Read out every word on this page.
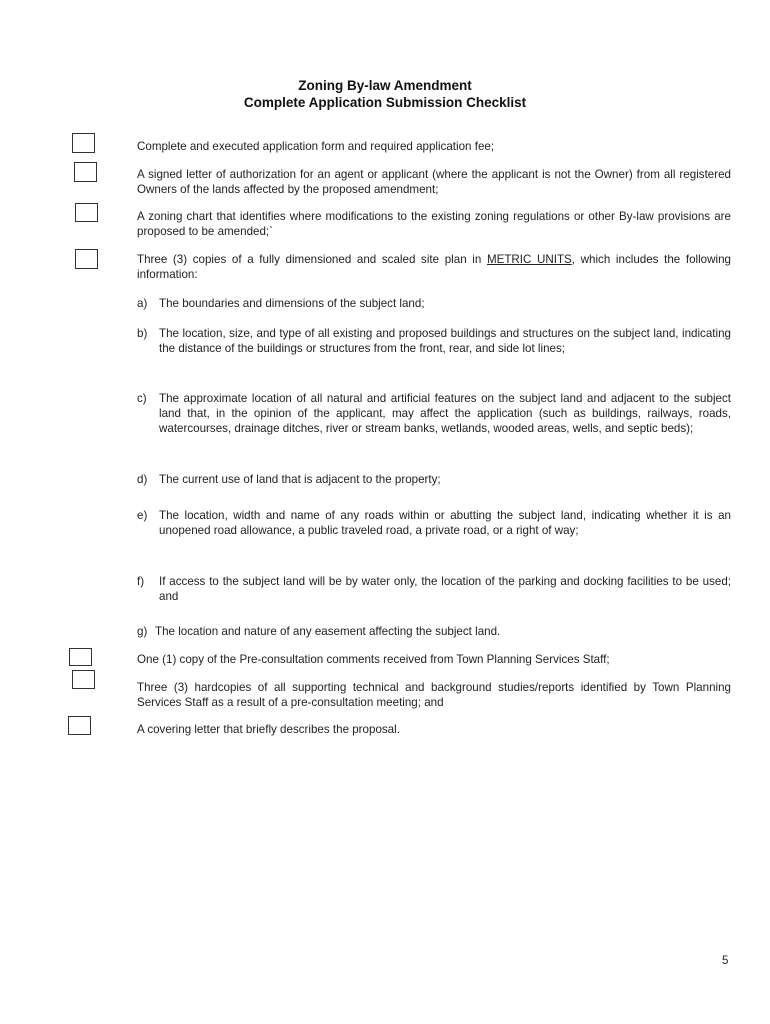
Zoning By-law Amendment
Complete Application Submission Checklist

Complete and executed application form and required application fee;

A signed letter of authorization for an agent or applicant (where the applicant is not the Owner) from all registered Owners of the lands affected by the proposed amendment;

A zoning chart that identifies where modifications to the existing zoning regulations or other By-law provisions are proposed to be amended;`

Three (3) copies of a fully dimensioned and scaled site plan in METRIC UNITS, which includes the following information:

a) The boundaries and dimensions of the subject land;
b) The location, size, and type of all existing and proposed buildings and structures on the subject land, indicating the distance of the buildings or structures from the front, rear, and side lot lines;
c) The approximate location of all natural and artificial features on the subject land and adjacent to the subject land that, in the opinion of the applicant, may affect the application (such as buildings, railways, roads, watercourses, drainage ditches, river or stream banks, wetlands, wooded areas, wells, and septic beds);
d) The current use of land that is adjacent to the property;
e) The location, width and name of any roads within or abutting the subject land, indicating whether it is an unopened road allowance, a public traveled road, a private road, or a right of way;
f) If access to the subject land will be by water only, the location of the parking and docking facilities to be used; and
g) The location and nature of any easement affecting the subject land.

One (1) copy of the Pre-consultation comments received from Town Planning Services Staff;

Three (3) hardcopies of all supporting technical and background studies/reports identified by Town Planning Services Staff as a result of a pre-consultation meeting; and

A covering letter that briefly describes the proposal.

5
